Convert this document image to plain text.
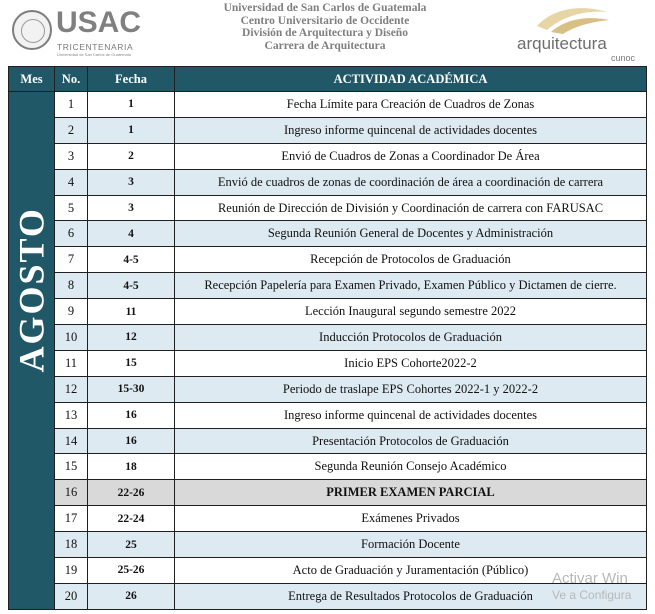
USAC
TRICENTENARIA
Universidad de San Carlos de Guatemala
Universidad de San Carlos de Guatemala
Centro Universitario de Occidente
División de Arquitectura y Diseño
Carrera de Arquitectura	arquitectura
cunoc
Mes	No.	Fecha	ACTIVIDAD ACADÉMICA

AGOSTO	1	1	Fecha Límite para Creación de Cuadros de Zonas
	2	1	Ingreso informe quincenal de actividades docentes
	3	2	Envió de Cuadros de Zonas a Coordinador De Área
	4	3	Envió de cuadros de zonas de coordinación de área a coordinación de carrera
	5	3	Reunión de Dirección de División y Coordinación de carrera con FARUSAC
	6	4	Segunda Reunión General de Docentes y Administración
	7	4-5	Recepción de Protocolos de Graduación
	8	4-5	Recepción Papelería para Examen Privado, Examen Público y Dictamen de cierre.
	9	11	Lección Inaugural segundo semestre 2022
	10	12	Inducción Protocolos de Graduación
	11	15	Inicio EPS Cohorte2022-2
	12	15-30	Periodo de traslape EPS Cohortes 2022-1 y 2022-2
	13	16	Ingreso informe quincenal de actividades docentes
	14	16	Presentación Protocolos de Graduación
	15	18	Segunda Reunión Consejo Académico
	16	22-26	PRIMER EXAMEN PARCIAL
	17	22-24	Exámenes Privados
	18	25	Formación Docente
	19	25-26	Acto de Graduación y Juramentación (Público)
	20	26	Entrega de Resultados Protocolos de Graduación
Activar Win
Ve a Configura
